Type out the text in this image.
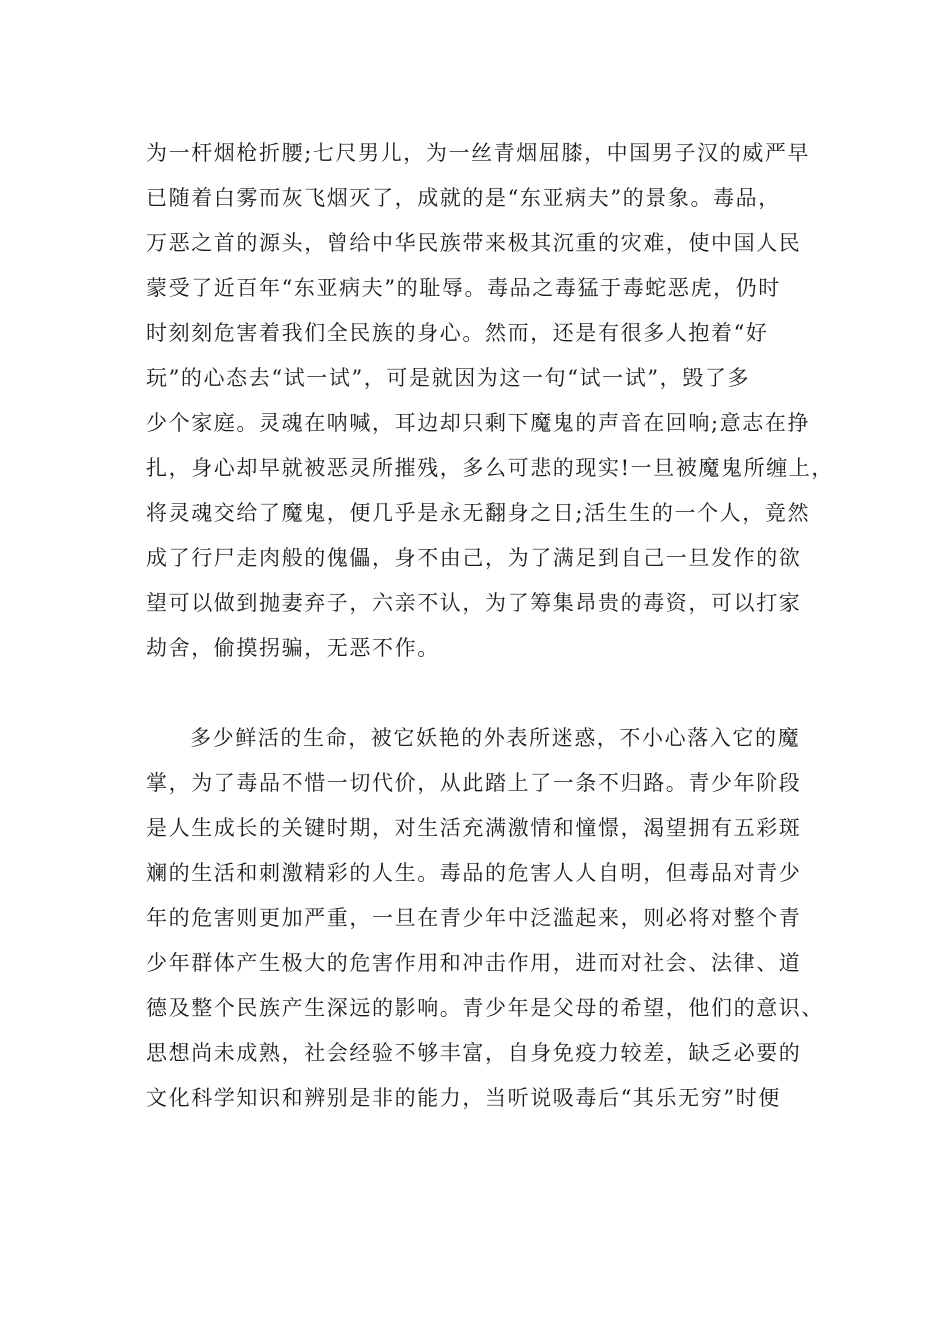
为一杆烟枪折腰;七尺男儿，为一丝青烟屈膝，中国男子汉的威严早
已随着白雾而灰飞烟灭了，成就的是“东亚病夫”的景象。毒品，
万恶之首的源头，曾给中华民族带来极其沉重的灾难，使中国人民
蒙受了近百年“东亚病夫”的耻辱。毒品之毒猛于毒蛇恶虎，仍时
时刻刻危害着我们全民族的身心。然而，还是有很多人抱着“好
玩”的心态去“试一试”，可是就因为这一句“试一试”，毁了多
少个家庭。灵魂在呐喊，耳边却只剩下魔鬼的声音在回响;意志在挣
扎，身心却早就被恶灵所摧残，多么可悲的现实!一旦被魔鬼所缠上，
将灵魂交给了魔鬼，便几乎是永无翻身之日;活生生的一个人，竟然
成了行尸走肉般的傀儡，身不由己，为了满足到自己一旦发作的欲
望可以做到抛妻弃子，六亲不认，为了筹集昂贵的毒资，可以打家
劫舍，偷摸拐骗，无恶不作。
多少鲜活的生命，被它妖艳的外表所迷惑，不小心落入它的魔
掌，为了毒品不惜一切代价，从此踏上了一条不归路。青少年阶段
是人生成长的关键时期，对生活充满激情和憧憬，渴望拥有五彩斑
斓的生活和刺激精彩的人生。毒品的危害人人自明，但毒品对青少
年的危害则更加严重，一旦在青少年中泛滥起来，则必将对整个青
少年群体产生极大的危害作用和冲击作用，进而对社会、法律、道
德及整个民族产生深远的影响。青少年是父母的希望，他们的意识、
思想尚未成熟，社会经验不够丰富，自身免疫力较差，缺乏必要的
文化科学知识和辨别是非的能力，当听说吸毒后“其乐无穷”时便
